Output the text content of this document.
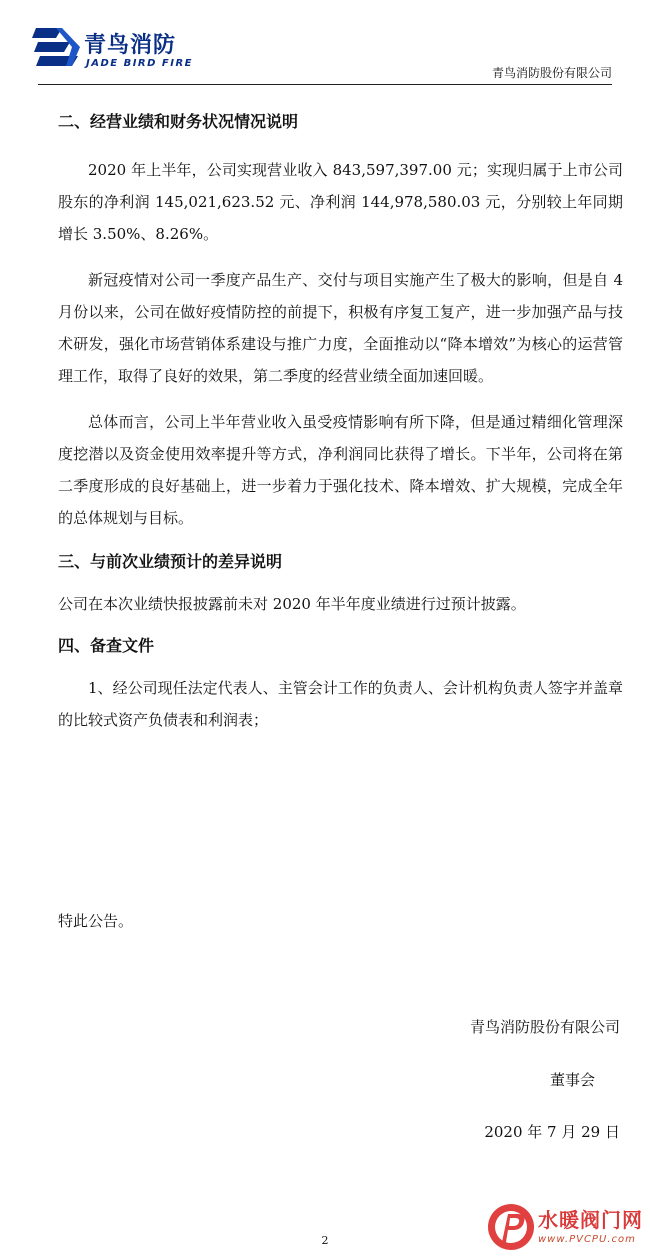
青鸟消防
JADE BIRD FIRE
青鸟消防股份有限公司

二、经营业绩和财务状况情况说明

2020 年上半年，公司实现营业收入 843,597,397.00 元；实现归属于上市公司股东的净利润 145,021,623.52 元、净利润 144,978,580.03 元，分别较上年同期增长 3.50%、8.26%。

新冠疫情对公司一季度产品生产、交付与项目实施产生了极大的影响，但是自 4 月份以来，公司在做好疫情防控的前提下，积极有序复工复产，进一步加强产品与技术研发，强化市场营销体系建设与推广力度，全面推动以“降本增效”为核心的运营管理工作，取得了良好的效果，第二季度的经营业绩全面加速回暖。

总体而言，公司上半年营业收入虽受疫情影响有所下降，但是通过精细化管理深度挖潜以及资金使用效率提升等方式，净利润同比获得了增长。下半年，公司将在第二季度形成的良好基础上，进一步着力于强化技术、降本增效、扩大规模，完成全年的总体规划与目标。

三、与前次业绩预计的差异说明

公司在本次业绩快报披露前未对 2020 年半年度业绩进行过预计披露。

四、备查文件

1、经公司现任法定代表人、主管会计工作的负责人、会计机构负责人签字并盖章的比较式资产负债表和利润表；

特此公告。
青鸟消防股份有限公司
董事会
2020 年 7 月 29 日
2
水暖阀门网
www.PVCPU.com
